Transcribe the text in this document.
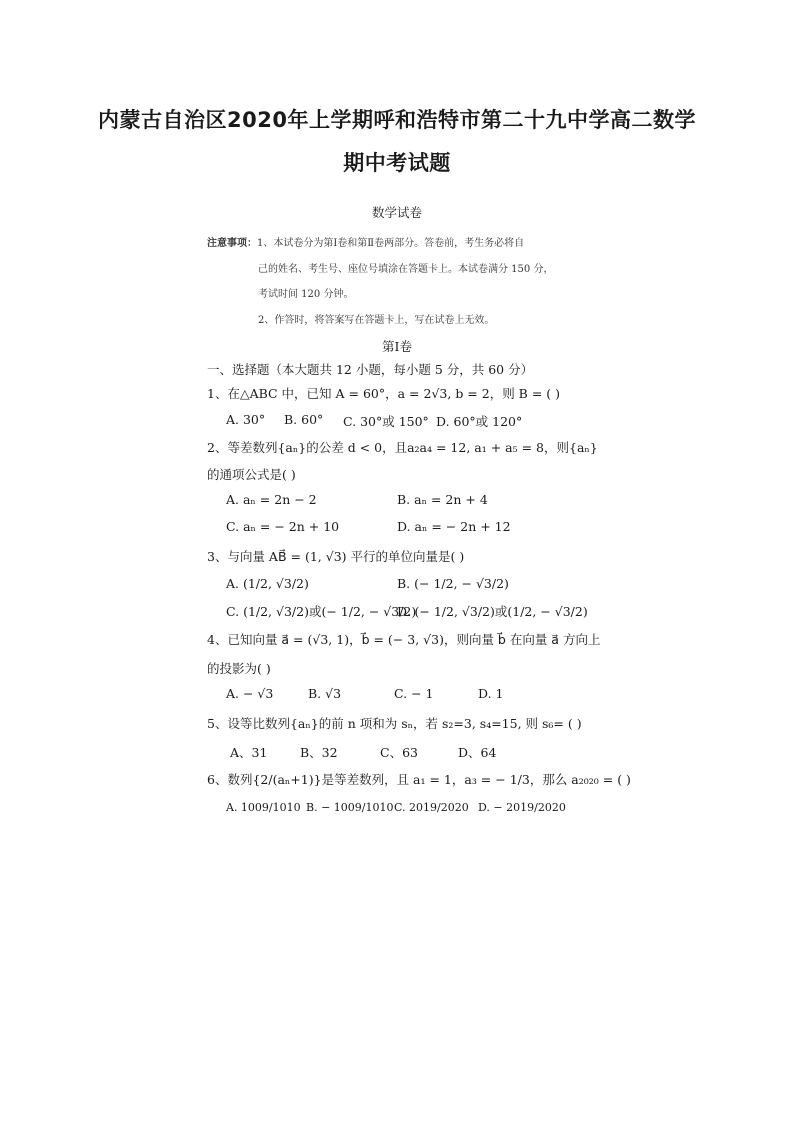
内蒙古自治区2020年上学期呼和浩特市第二十九中学高二数学
期中考试题
数学试卷
注意事项：1、本试卷分为第Ⅰ卷和第Ⅱ卷两部分。答卷前，考生务必将自
己的姓名、考生号、座位号填涂在答题卡上。本试卷满分 150 分，
考试时间 120 分钟。
2、作答时，将答案写在答题卡上，写在试卷上无效。
第Ⅰ卷
一、选择题（本大题共 12 小题，每小题 5 分，共 60 分）
1、在△ABC 中，已知 A = 60°，a = 2√3, b = 2，则 B = ( )
A. 30° B. 60° C. 30°或 150° D. 60°或 120°
2、等差数列{aₙ}的公差 d < 0，且a₂a₄ = 12, a₁ + a₅ = 8，则{aₙ}
的通项公式是( )
A. aₙ = 2n − 2	B. aₙ = 2n + 4
C. aₙ = − 2n + 10	D. aₙ = − 2n + 12
3、与向量 AB⃗ = (1, √3) 平行的单位向量是( )
A. (1/2, √3/2)	B. (− 1/2, − √3/2)
C. (1/2, √3/2)或(− 1/2, − √3/2)
D. (− 1/2, √3/2)或(1/2, − √3/2)
4、已知向量 a⃗ = (√3, 1)，b⃗ = (− 3, √3)，则向量 b⃗ 在向量 a⃗ 方向上
的投影为( )
A. − √3	B. √3	C. − 1	D. 1
5、设等比数列{aₙ}的前 n 项和为 sₙ，若 s₂=3, s₄=15, 则 s₆= ( )
A、31	B、32	C、63	D、64
6、数列{2/(aₙ+1)}是等差数列，且 a₁ = 1，a₃ = − 1/3，那么 a₂₀₂₀ = ( )
A. 1009/1010 B. − 1009/1010 C. 2019/2020 D. − 2019/2020
